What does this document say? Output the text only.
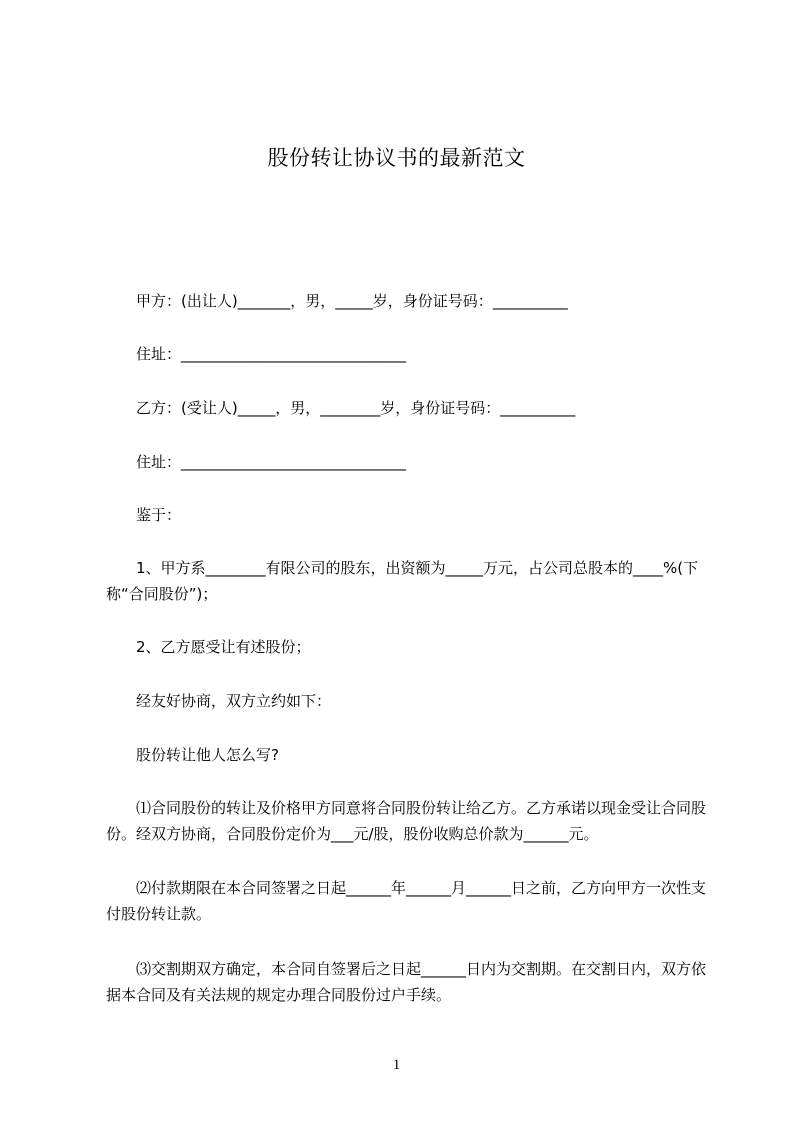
股份转让协议书的最新范文
甲方：(出让人)_______，男，_____岁，身份证号码：__________
住址：______________________________
乙方：(受让人)_____，男，________岁，身份证号码：__________
住址：______________________________
鉴于：
1、甲方系________有限公司的股东，出资额为_____万元，占公司总股本的____%(下称“合同股份”)；
2、乙方愿受让有述股份；
经友好协商，双方立约如下：
股份转让他人怎么写?
⑴合同股份的转让及价格甲方同意将合同股份转让给乙方。乙方承诺以现金受让合同股份。经双方协商，合同股份定价为___元/股，股份收购总价款为______元。
⑵付款期限在本合同签署之日起______年______月______日之前，乙方向甲方一次性支付股份转让款。
⑶交割期双方确定，本合同自签署后之日起______日内为交割期。在交割日内，双方依据本合同及有关法规的规定办理合同股份过户手续。
1
